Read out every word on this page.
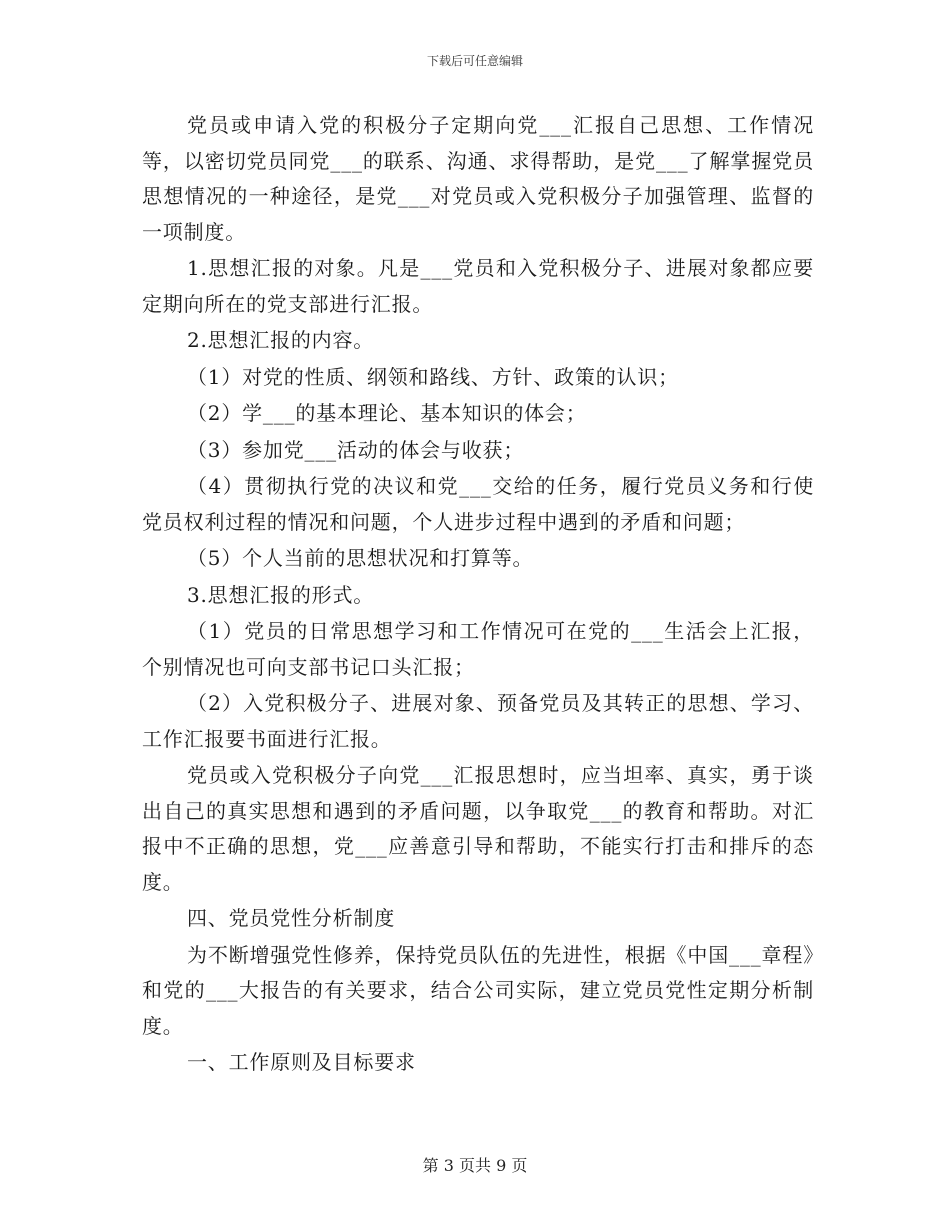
下载后可任意编辑

党员或申请入党的积极分子定期向党___汇报自己思想、工作情况等，以密切党员同党___的联系、沟通、求得帮助，是党___了解掌握党员思想情况的一种途径，是党___对党员或入党积极分子加强管理、监督的一项制度。

1.思想汇报的对象。凡是___党员和入党积极分子、进展对象都应要定期向所在的党支部进行汇报。

2.思想汇报的内容。

（1）对党的性质、纲领和路线、方针、政策的认识；

（2）学___的基本理论、基本知识的体会；

（3）参加党___活动的体会与收获；

（4）贯彻执行党的决议和党___交给的任务，履行党员义务和行使党员权利过程的情况和问题，个人进步过程中遇到的矛盾和问题；

（5）个人当前的思想状况和打算等。

3.思想汇报的形式。

（1）党员的日常思想学习和工作情况可在党的___生活会上汇报，个别情况也可向支部书记口头汇报；

（2）入党积极分子、进展对象、预备党员及其转正的思想、学习、工作汇报要书面进行汇报。

党员或入党积极分子向党___汇报思想时，应当坦率、真实，勇于谈出自己的真实思想和遇到的矛盾问题，以争取党___的教育和帮助。对汇报中不正确的思想，党___应善意引导和帮助，不能实行打击和排斥的态度。

四、党员党性分析制度

为不断增强党性修养，保持党员队伍的先进性，根据《中国___章程》和党的___大报告的有关要求，结合公司实际，建立党员党性定期分析制度。

一、工作原则及目标要求

第 3 页共 9 页
